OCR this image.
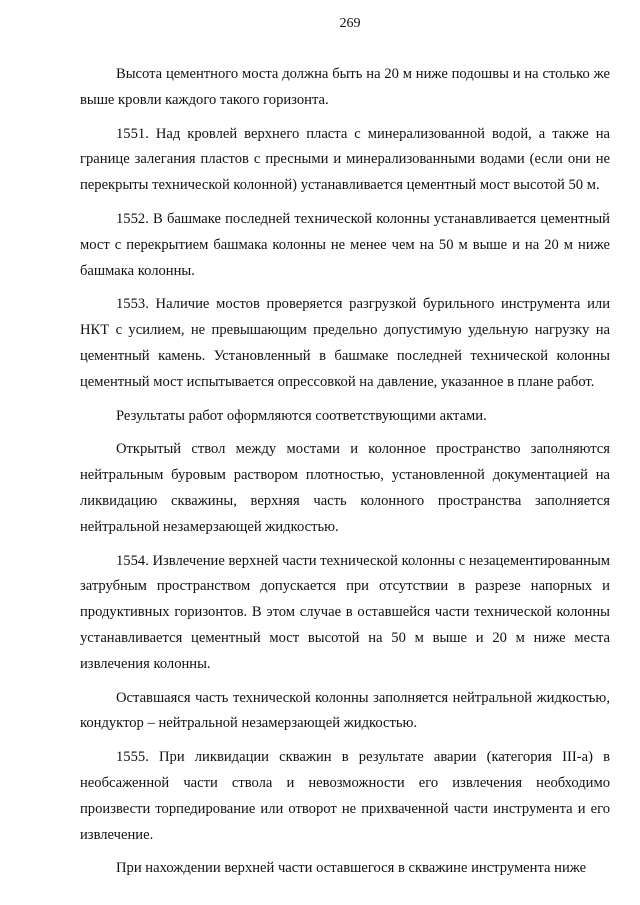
269

Высота цементного моста должна быть на 20 м ниже подошвы и на столько же выше кровли каждого такого горизонта.

1551. Над кровлей верхнего пласта с минерализованной водой, а также на границе залегания пластов с пресными и минерализованными водами (если они не перекрыты технической колонной) устанавливается цементный мост высотой 50 м.

1552. В башмаке последней технической колонны устанавливается цементный мост с перекрытием башмака колонны не менее чем на 50 м выше и на 20 м ниже башмака колонны.

1553. Наличие мостов проверяется разгрузкой бурильного инструмента или НКТ с усилием, не превышающим предельно допустимую удельную нагрузку на цементный камень. Установленный в башмаке последней технической колонны цементный мост испытывается опрессовкой на давление, указанное в плане работ.

Результаты работ оформляются соответствующими актами.

Открытый ствол между мостами и колонное пространство заполняются нейтральным буровым раствором плотностью, установленной документацией на ликвидацию скважины, верхняя часть колонного пространства заполняется нейтральной незамерзающей жидкостью.

1554. Извлечение верхней части технической колонны с незацементированным затрубным пространством допускается при отсутствии в разрезе напорных и продуктивных горизонтов. В этом случае в оставшейся части технической колонны устанавливается цементный мост высотой на 50 м выше и 20 м ниже места извлечения колонны.

Оставшаяся часть технической колонны заполняется нейтральной жидкостью, кондуктор – нейтральной незамерзающей жидкостью.

1555. При ликвидации скважин в результате аварии (категория III-а) в необсаженной части ствола и невозможности его извлечения необходимо произвести торпедирование или отворот не прихваченной части инструмента и его извлечение.

При нахождении верхней части оставшегося в скважине инструмента ниже
